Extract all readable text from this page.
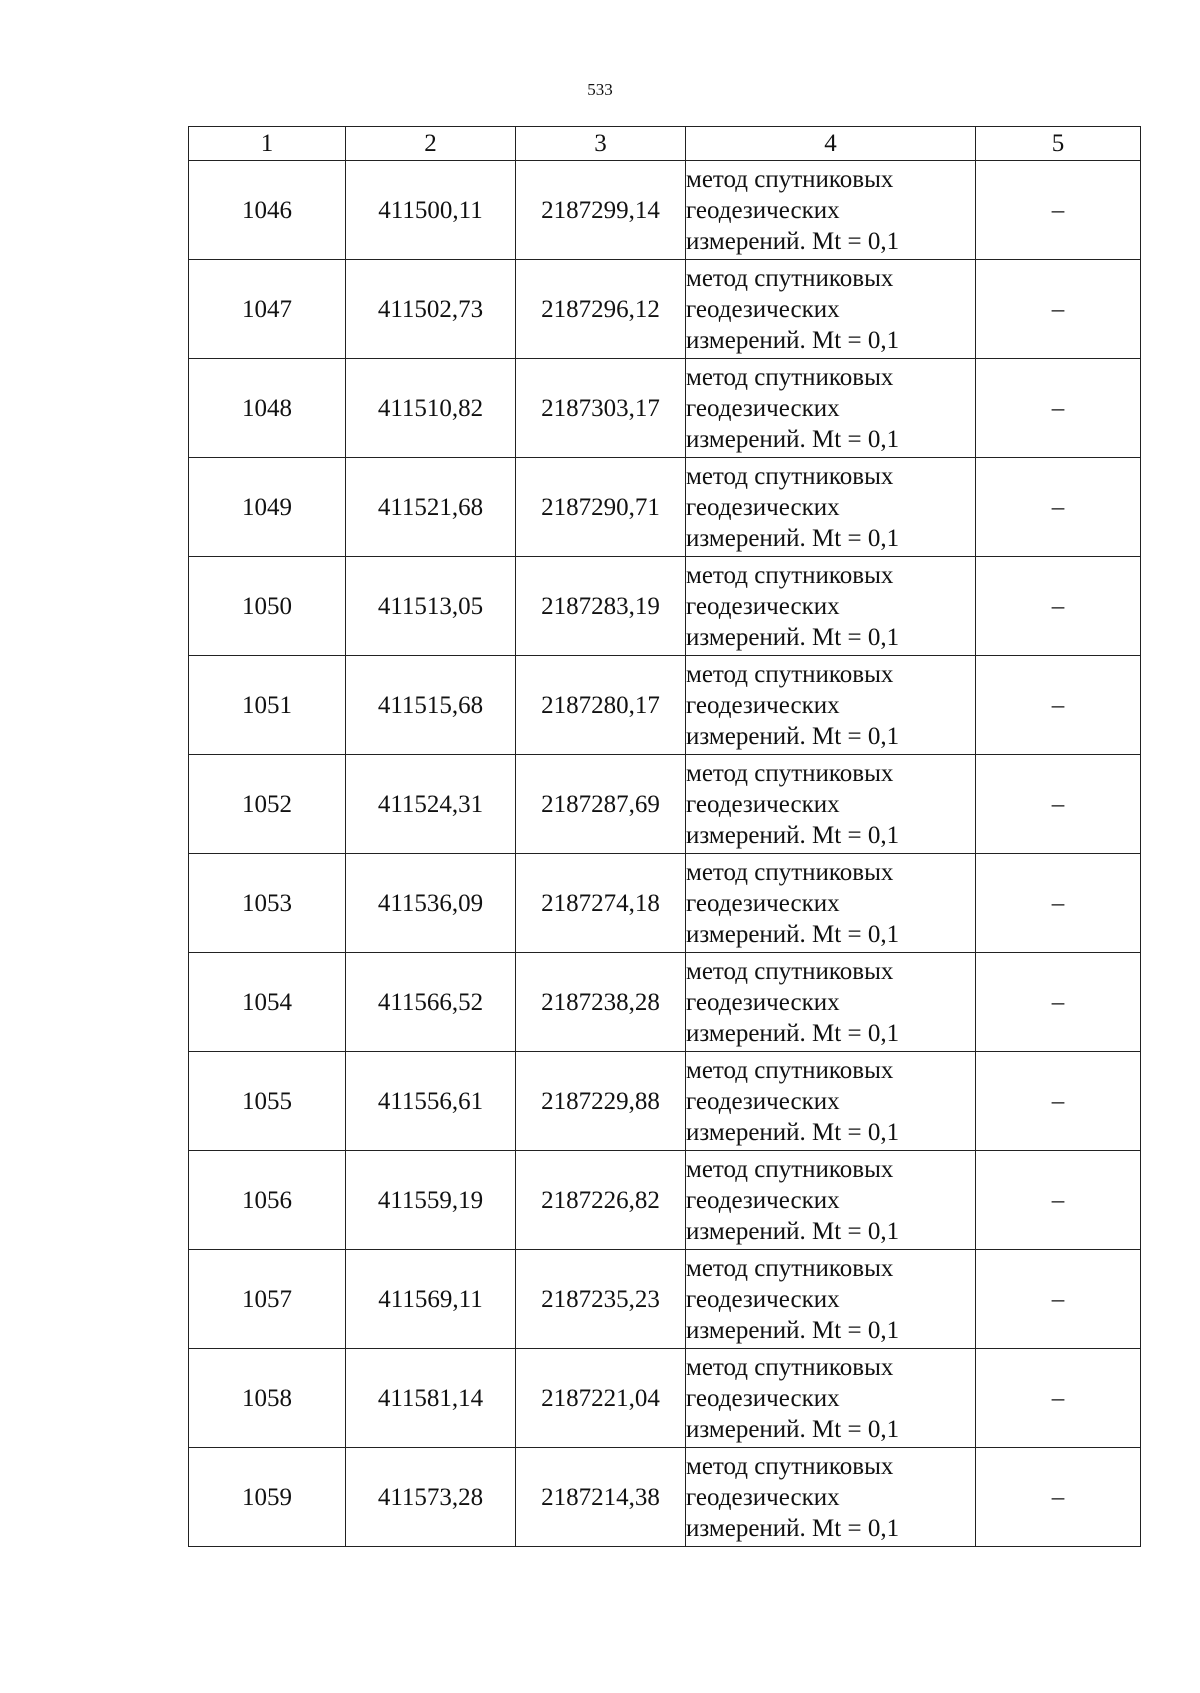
533
1	2	3	4	5
1046	411500,11	2187299,14	метод спутниковых
геодезических
измерений. Mt = 0,1	–
1047	411502,73	2187296,12	метод спутниковых
геодезических
измерений. Mt = 0,1	–
1048	411510,82	2187303,17	метод спутниковых
геодезических
измерений. Mt = 0,1	–
1049	411521,68	2187290,71	метод спутниковых
геодезических
измерений. Mt = 0,1	–
1050	411513,05	2187283,19	метод спутниковых
геодезических
измерений. Mt = 0,1	–
1051	411515,68	2187280,17	метод спутниковых
геодезических
измерений. Mt = 0,1	–
1052	411524,31	2187287,69	метод спутниковых
геодезических
измерений. Mt = 0,1	–
1053	411536,09	2187274,18	метод спутниковых
геодезических
измерений. Mt = 0,1	–
1054	411566,52	2187238,28	метод спутниковых
геодезических
измерений. Mt = 0,1	–
1055	411556,61	2187229,88	метод спутниковых
геодезических
измерений. Mt = 0,1	–
1056	411559,19	2187226,82	метод спутниковых
геодезических
измерений. Mt = 0,1	–
1057	411569,11	2187235,23	метод спутниковых
геодезических
измерений. Mt = 0,1	–
1058	411581,14	2187221,04	метод спутниковых
геодезических
измерений. Mt = 0,1	–
1059	411573,28	2187214,38	метод спутниковых
геодезических
измерений. Mt = 0,1	–
